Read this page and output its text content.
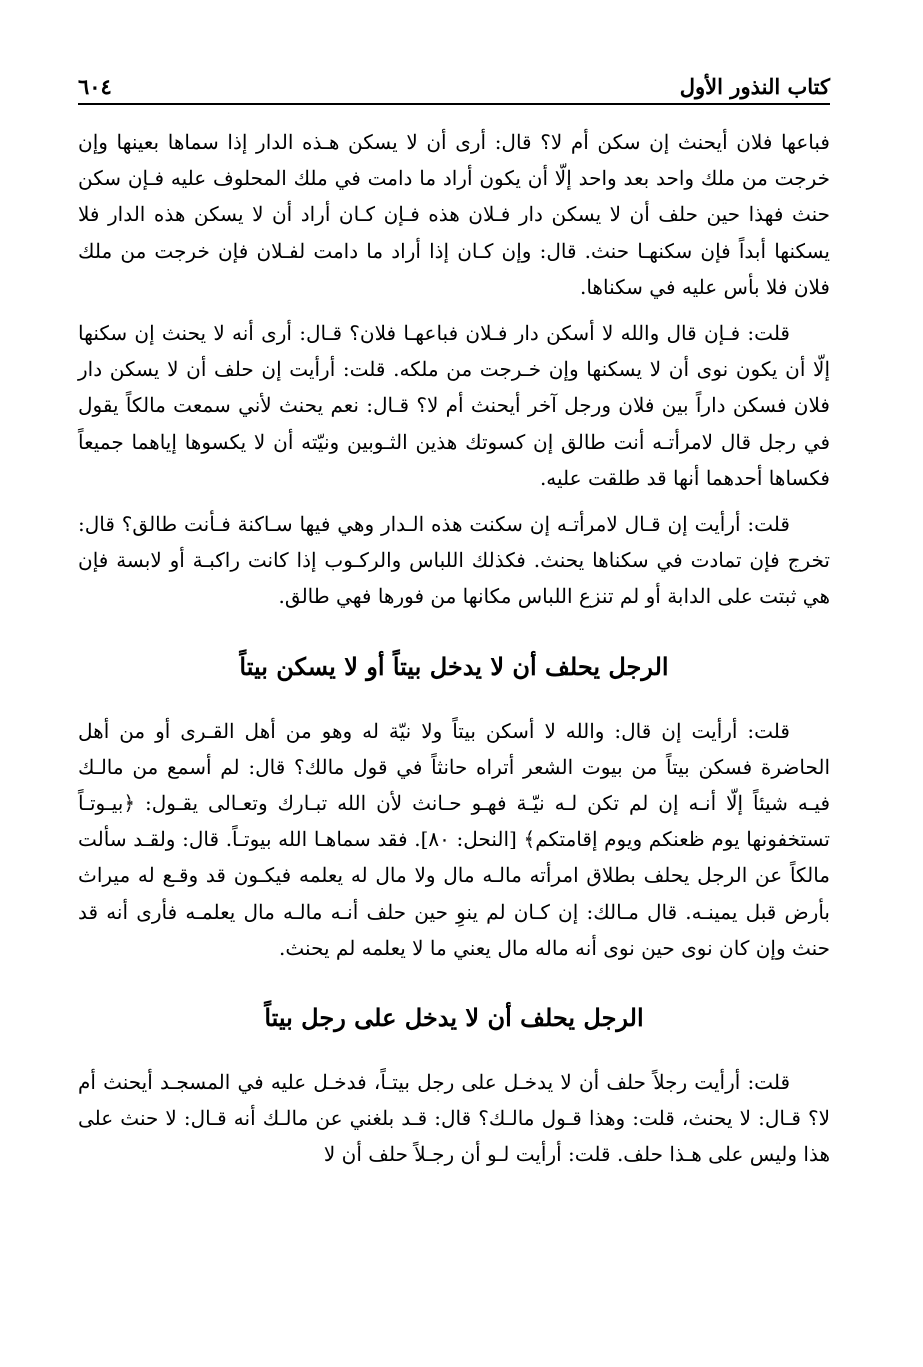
كتاب النذور الأول
٦٠٤

فباعها فلان أيحنث إن سكن أم لا؟ قال: أرى أن لا يسكن هـذه الدار إذا سماها بعينها وإن خرجت من ملك واحد بعد واحد إلّا أن يكون أراد ما دامت في ملك المحلوف عليه فـإن سكن حنث فهذا حين حلف أن لا يسكن دار فـلان هذه فـإن كـان أراد أن لا يسكن هذه الدار فلا يسكنها أبداً فإن سكنهـا حنث. قال: وإن كـان إذا أراد ما دامت لفـلان فإن خرجت من ملك فلان فلا بأس عليه في سكناها.

قلت: فـإن قال والله لا أسكن دار فـلان فباعهـا فلان؟ قـال: أرى أنه لا يحنث إن سكنها إلّا أن يكون نوى أن لا يسكنها وإن خـرجت من ملكه. قلت: أرأيت إن حلف أن لا يسكن دار فلان فسكن داراً بين فلان ورجل آخر أيحنث أم لا؟ قـال: نعم يحنث لأني سمعت مالكاً يقول في رجل قال لامرأتـه أنت طالق إن كسوتك هذين الثـوبين ونيّته أن لا يكسوها إياهما جميعاً فكساها أحدهما أنها قد طلقت عليه.

قلت: أرأيت إن قـال لامرأتـه إن سكنت هذه الـدار وهي فيها سـاكنة فـأنت طالق؟ قال: تخرج فإن تمادت في سكناها يحنث. فكذلك اللباس والركـوب إذا كانت راكبـة أو لابسة فإن هي ثبتت على الدابة أو لم تنزع اللباس مكانها من فورها فهي طالق.

الرجل يحلف أن لا يدخل بيتاً أو لا يسكن بيتاً

قلت: أرأيت إن قال: والله لا أسكن بيتاً ولا نيّة له وهو من أهل القـرى أو من أهل الحاضرة فسكن بيتاً من بيوت الشعر أتراه حانثاً في قول مالك؟ قال: لم أسمع من مالـك فيـه شيئاً إلّا أنـه إن لم تكن لـه نيّـة فهـو حـانث لأن الله تبـارك وتعـالى يقـول: ﴿بيـوتـاً تستخفونها يوم ظعنكم ويوم إقامتكم﴾ [النحل: ٨٠]. فقد سماهـا الله بيوتـاً. قال: ولقـد سألت مالكاً عن الرجل يحلف بطلاق امرأته مالـه مال ولا مال له يعلمه فيكـون قد وقـع له ميراث بأرض قبل يمينـه. قال مـالك: إن كـان لم ينوِ حين حلف أنـه مالـه مال يعلمـه فأرى أنه قد حنث وإن كان نوى حين نوى أنه ماله مال يعني ما لا يعلمه لم يحنث.

الرجل يحلف أن لا يدخل على رجل بيتاً

قلت: أرأيت رجلاً حلف أن لا يدخـل على رجل بيتـاً، فدخـل عليه في المسجـد أيحنث أم لا؟ قـال: لا يحنث، قلت: وهذا قـول مالـك؟ قال: قـد بلغني عن مالـك أنه قـال: لا حنث على هذا وليس على هـذا حلف. قلت: أرأيت لـو أن رجـلاً حلف أن لا
